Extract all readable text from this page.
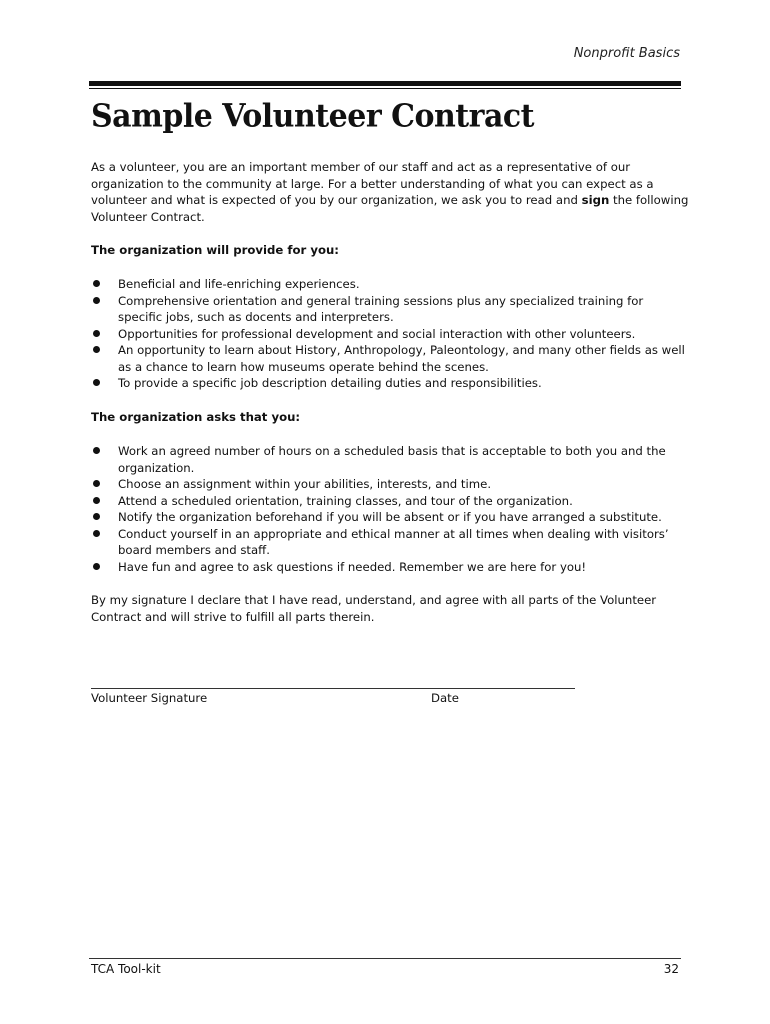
Nonprofit Basics
Sample Volunteer Contract

As a volunteer, you are an important member of our staff and act as a representative of our organization to the community at large. For a better understanding of what you can expect as a volunteer and what is expected of you by our organization, we ask you to read and sign the following Volunteer Contract.

The organization will provide for you:
Beneficial and life-enriching experiences.
Comprehensive orientation and general training sessions plus any specialized training for specific jobs, such as docents and interpreters.
Opportunities for professional development and social interaction with other volunteers.
An opportunity to learn about History, Anthropology, Paleontology, and many other fields as well as a chance to learn how museums operate behind the scenes.
To provide a specific job description detailing duties and responsibilities.
The organization asks that you:
Work an agreed number of hours on a scheduled basis that is acceptable to both you and the organization.
Choose an assignment within your abilities, interests, and time.
Attend a scheduled orientation, training classes, and tour of the organization.
Notify the organization beforehand if you will be absent or if you have arranged a substitute.
Conduct yourself in an appropriate and ethical manner at all times when dealing with visitors’ board members and staff.
Have fun and agree to ask questions if needed. Remember we are here for you!

By my signature I declare that I have read, understand, and agree with all parts of the Volunteer Contract and will strive to fulfill all parts therein.

Volunteer Signature	Date
TCA Tool-kit	32
